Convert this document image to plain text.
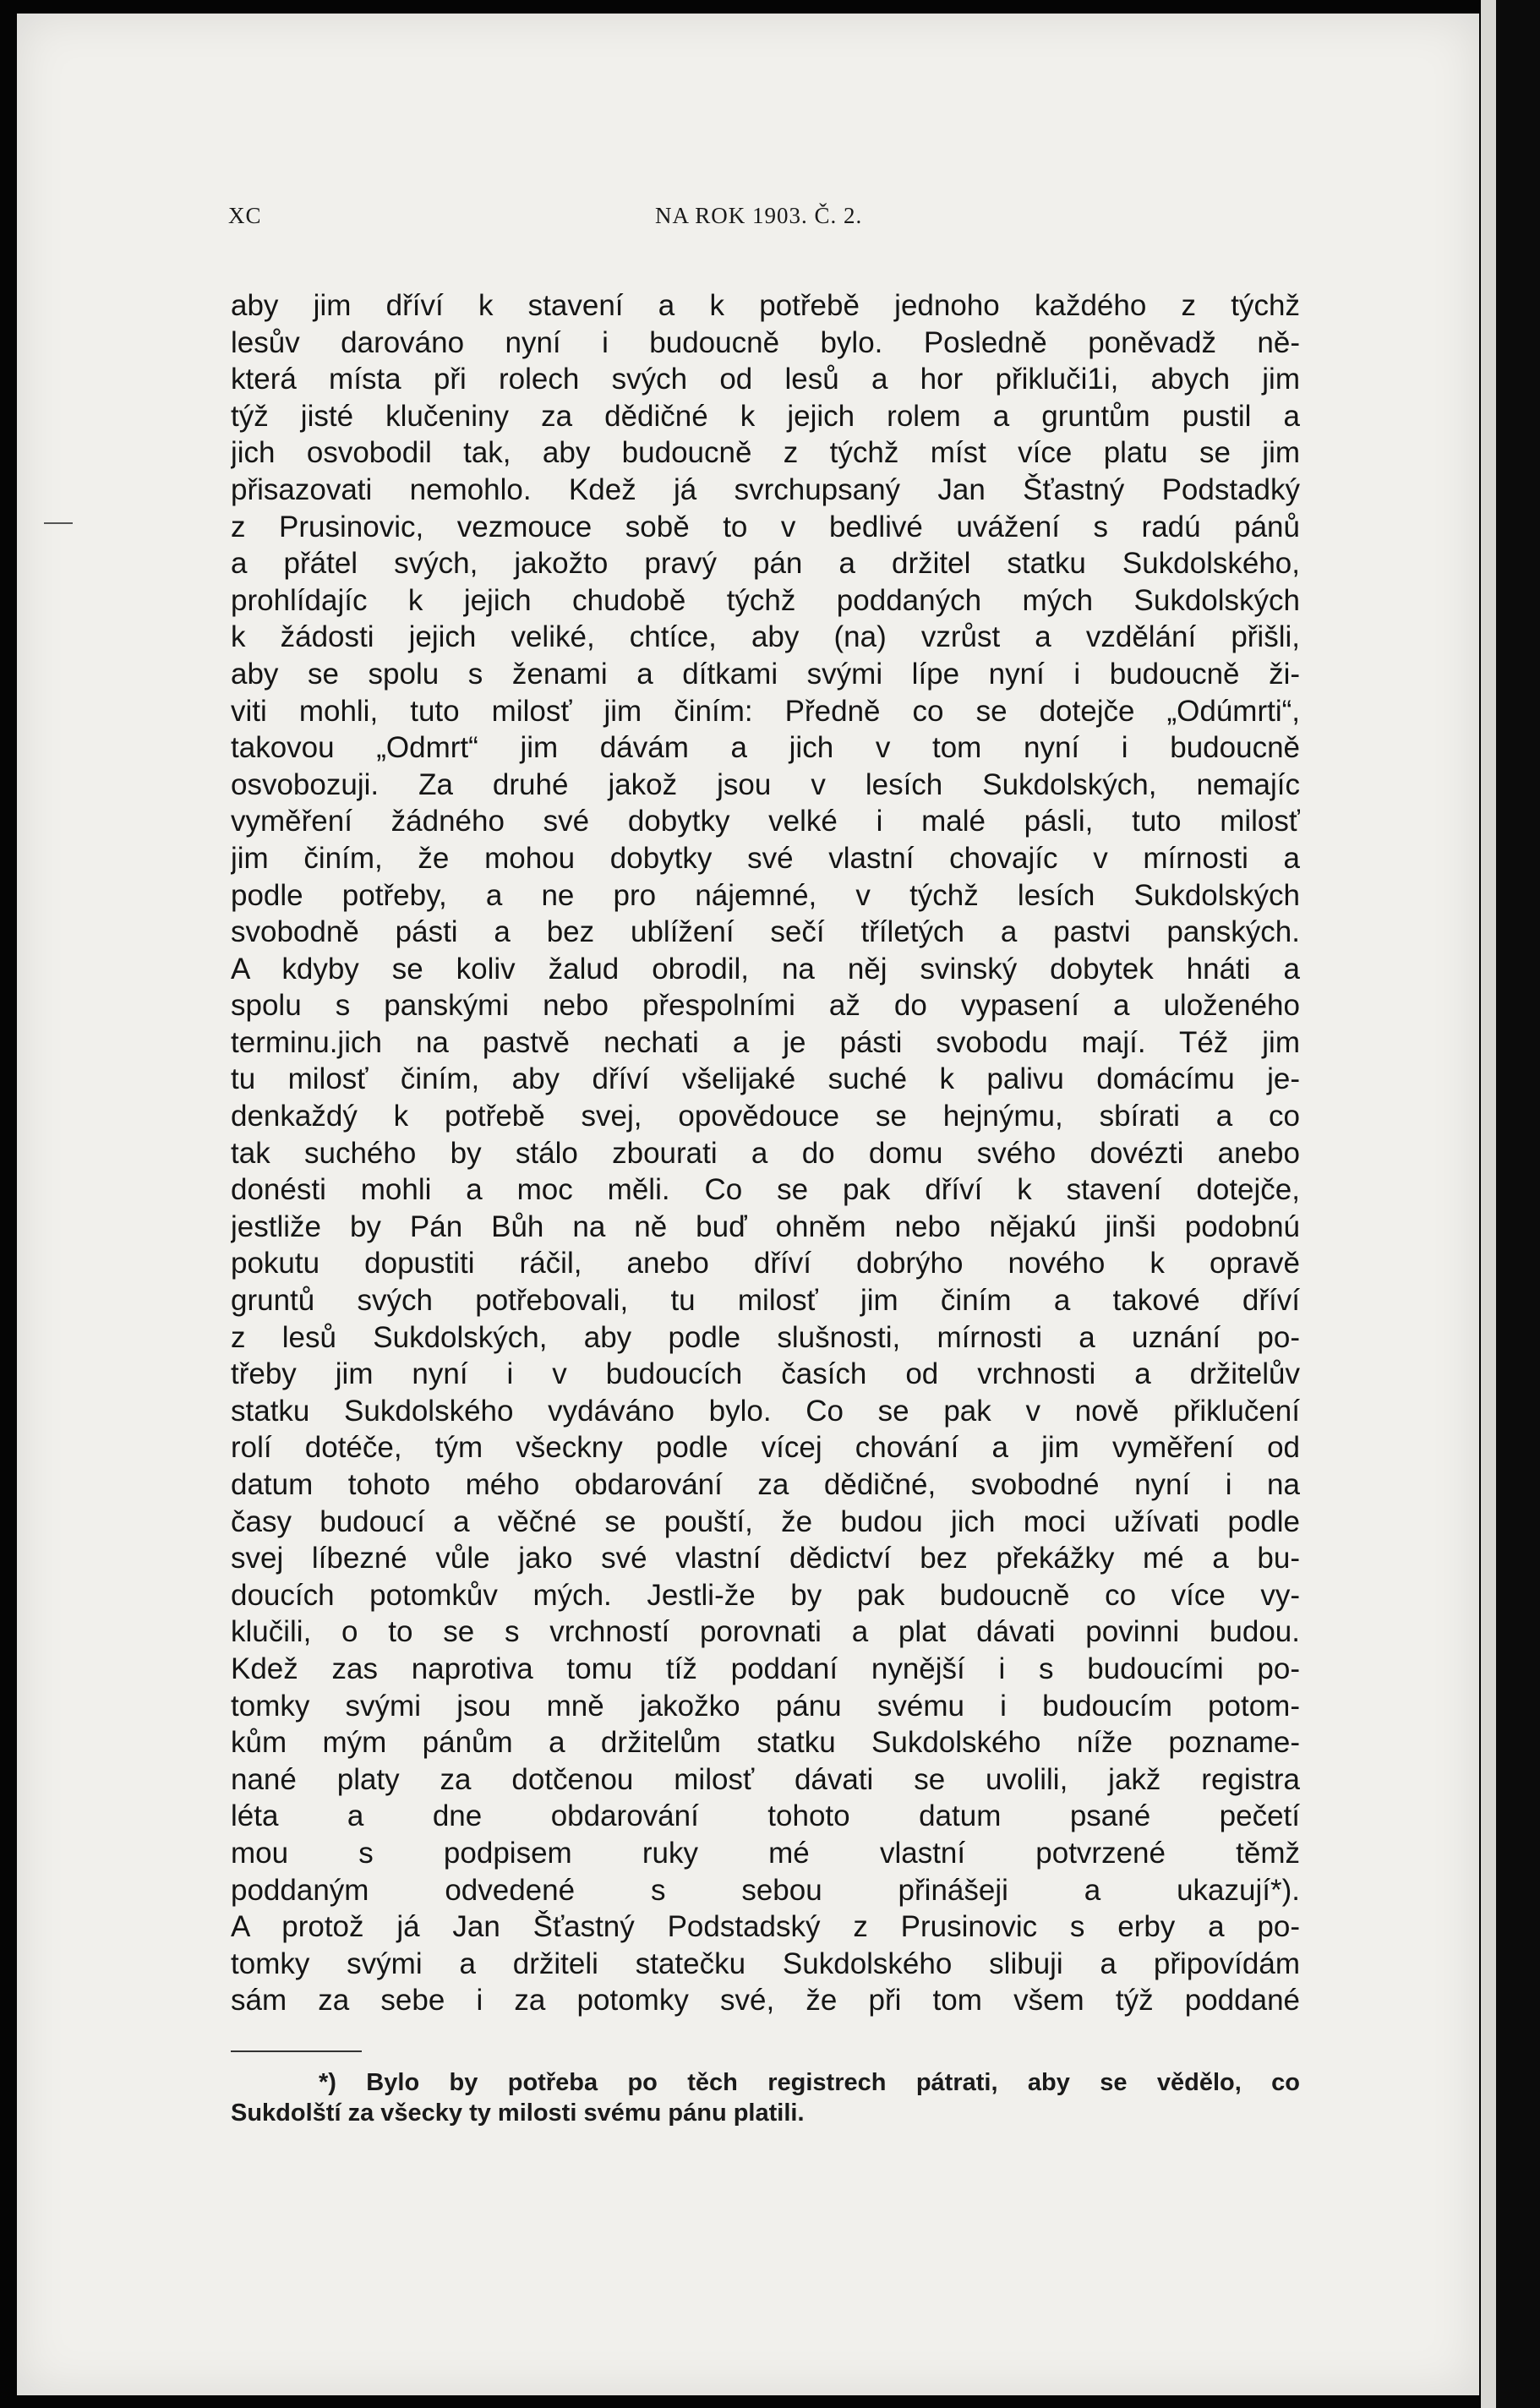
XC	NA ROK 1903. Č. 2.
aby jim dříví k stavení a k potřebě jednoho každého z týchž
lesův darováno nyní i budoucně bylo. Posledně poněvadž ně-
která místa při rolech svých od lesů a hor přikluči1i, abych jim
týž jisté klučeniny za dědičné k jejich rolem a gruntům pustil a
jich osvobodil tak, aby budoucně z týchž míst více platu se jim
přisazovati nemohlo. Kdež já svrchupsaný Jan Šťastný Podstadký
z Prusinovic, vezmouce sobě to v bedlivé uvážení s radú pánů
a přátel svých, jakožto pravý pán a držitel statku Sukdolského,
prohlídajíc k jejich chudobě týchž poddaných mých Sukdolských
k žádosti jejich veliké, chtíce, aby (na) vzrůst a vzdělání přišli,
aby se spolu s ženami a dítkami svými lípe nyní i budoucně ži-
viti mohli, tuto milosť jim činím: Předně co se dotejče „Odúmrti“,
takovou „Odmrt“ jim dávám a jich v tom nyní i budoucně
osvobozuji. Za druhé jakož jsou v lesích Sukdolských, nemajíc
vyměření žádného své dobytky velké i malé pásli, tuto milosť
jim činím, že mohou dobytky své vlastní chovajíc v mírnosti a
podle potřeby, a ne pro nájemné, v týchž lesích Sukdolských
svobodně pásti a bez ublížení sečí tříletých a pastvi panských.
A kdyby se koliv žalud obrodil, na něj svinský dobytek hnáti a
spolu s panskými nebo přespolními až do vypasení a uloženého
terminu.jich na pastvě nechati a je pásti svobodu mají. Též jim
tu milosť činím, aby dříví všelijaké suché k palivu domácímu je-
denkaždý k potřebě svej, opovědouce se hejnýmu, sbírati a co
tak suchého by stálo zbourati a do domu svého dovézti anebo
donésti mohli a moc měli. Co se pak dříví k stavení dotejče,
jestliže by Pán Bůh na ně buď ohněm nebo nějakú jinši podobnú
pokutu dopustiti ráčil, anebo dříví dobrýho nového k opravě
gruntů svých potřebovali, tu milosť jim činím a takové dříví
z lesů Sukdolských, aby podle slušnosti, mírnosti a uznání po-
třeby jim nyní i v budoucích časích od vrchnosti a držitelův
statku Sukdolského vydáváno bylo. Co se pak v nově přiklučení
rolí dotéče, tým všeckny podle vícej chování a jim vyměření od
datum tohoto mého obdarování za dědičné, svobodné nyní i na
časy budoucí a věčné se pouští, že budou jich moci užívati podle
svej líbezné vůle jako své vlastní dědictví bez překážky mé a bu-
doucích potomkův mých. Jestli-že by pak budoucně co více vy-
klučili, o to se s vrchností porovnati a plat dávati povinni budou.
Kdež zas naprotiva tomu tíž poddaní nynější i s budoucími po-
tomky svými jsou mně jakožko pánu svému i budoucím potom-
kům mým pánům a držitelům statku Sukdolského níže poznamе-
nané platy za dotčenou milosť dávati se uvolili, jakž registra
léta a dne obdarování tohoto datum psané pečetí
mou s podpisem ruky mé vlastní potvrzené těmž
poddaným odvedené s sebou přinášeji a ukazují*).
A protož já Jan Šťastný Podstadský z Prusinovic s erby a po-
tomky svými a držiteli statečku Sukdolského slibuji a připovídám
sám za sebe i za potomky své, že při tom všem týž poddané
*) Bylo by potřeba po těch registrech pátrati, aby se vědělo, co
Sukdolští za všecky ty milosti svému pánu platili.
